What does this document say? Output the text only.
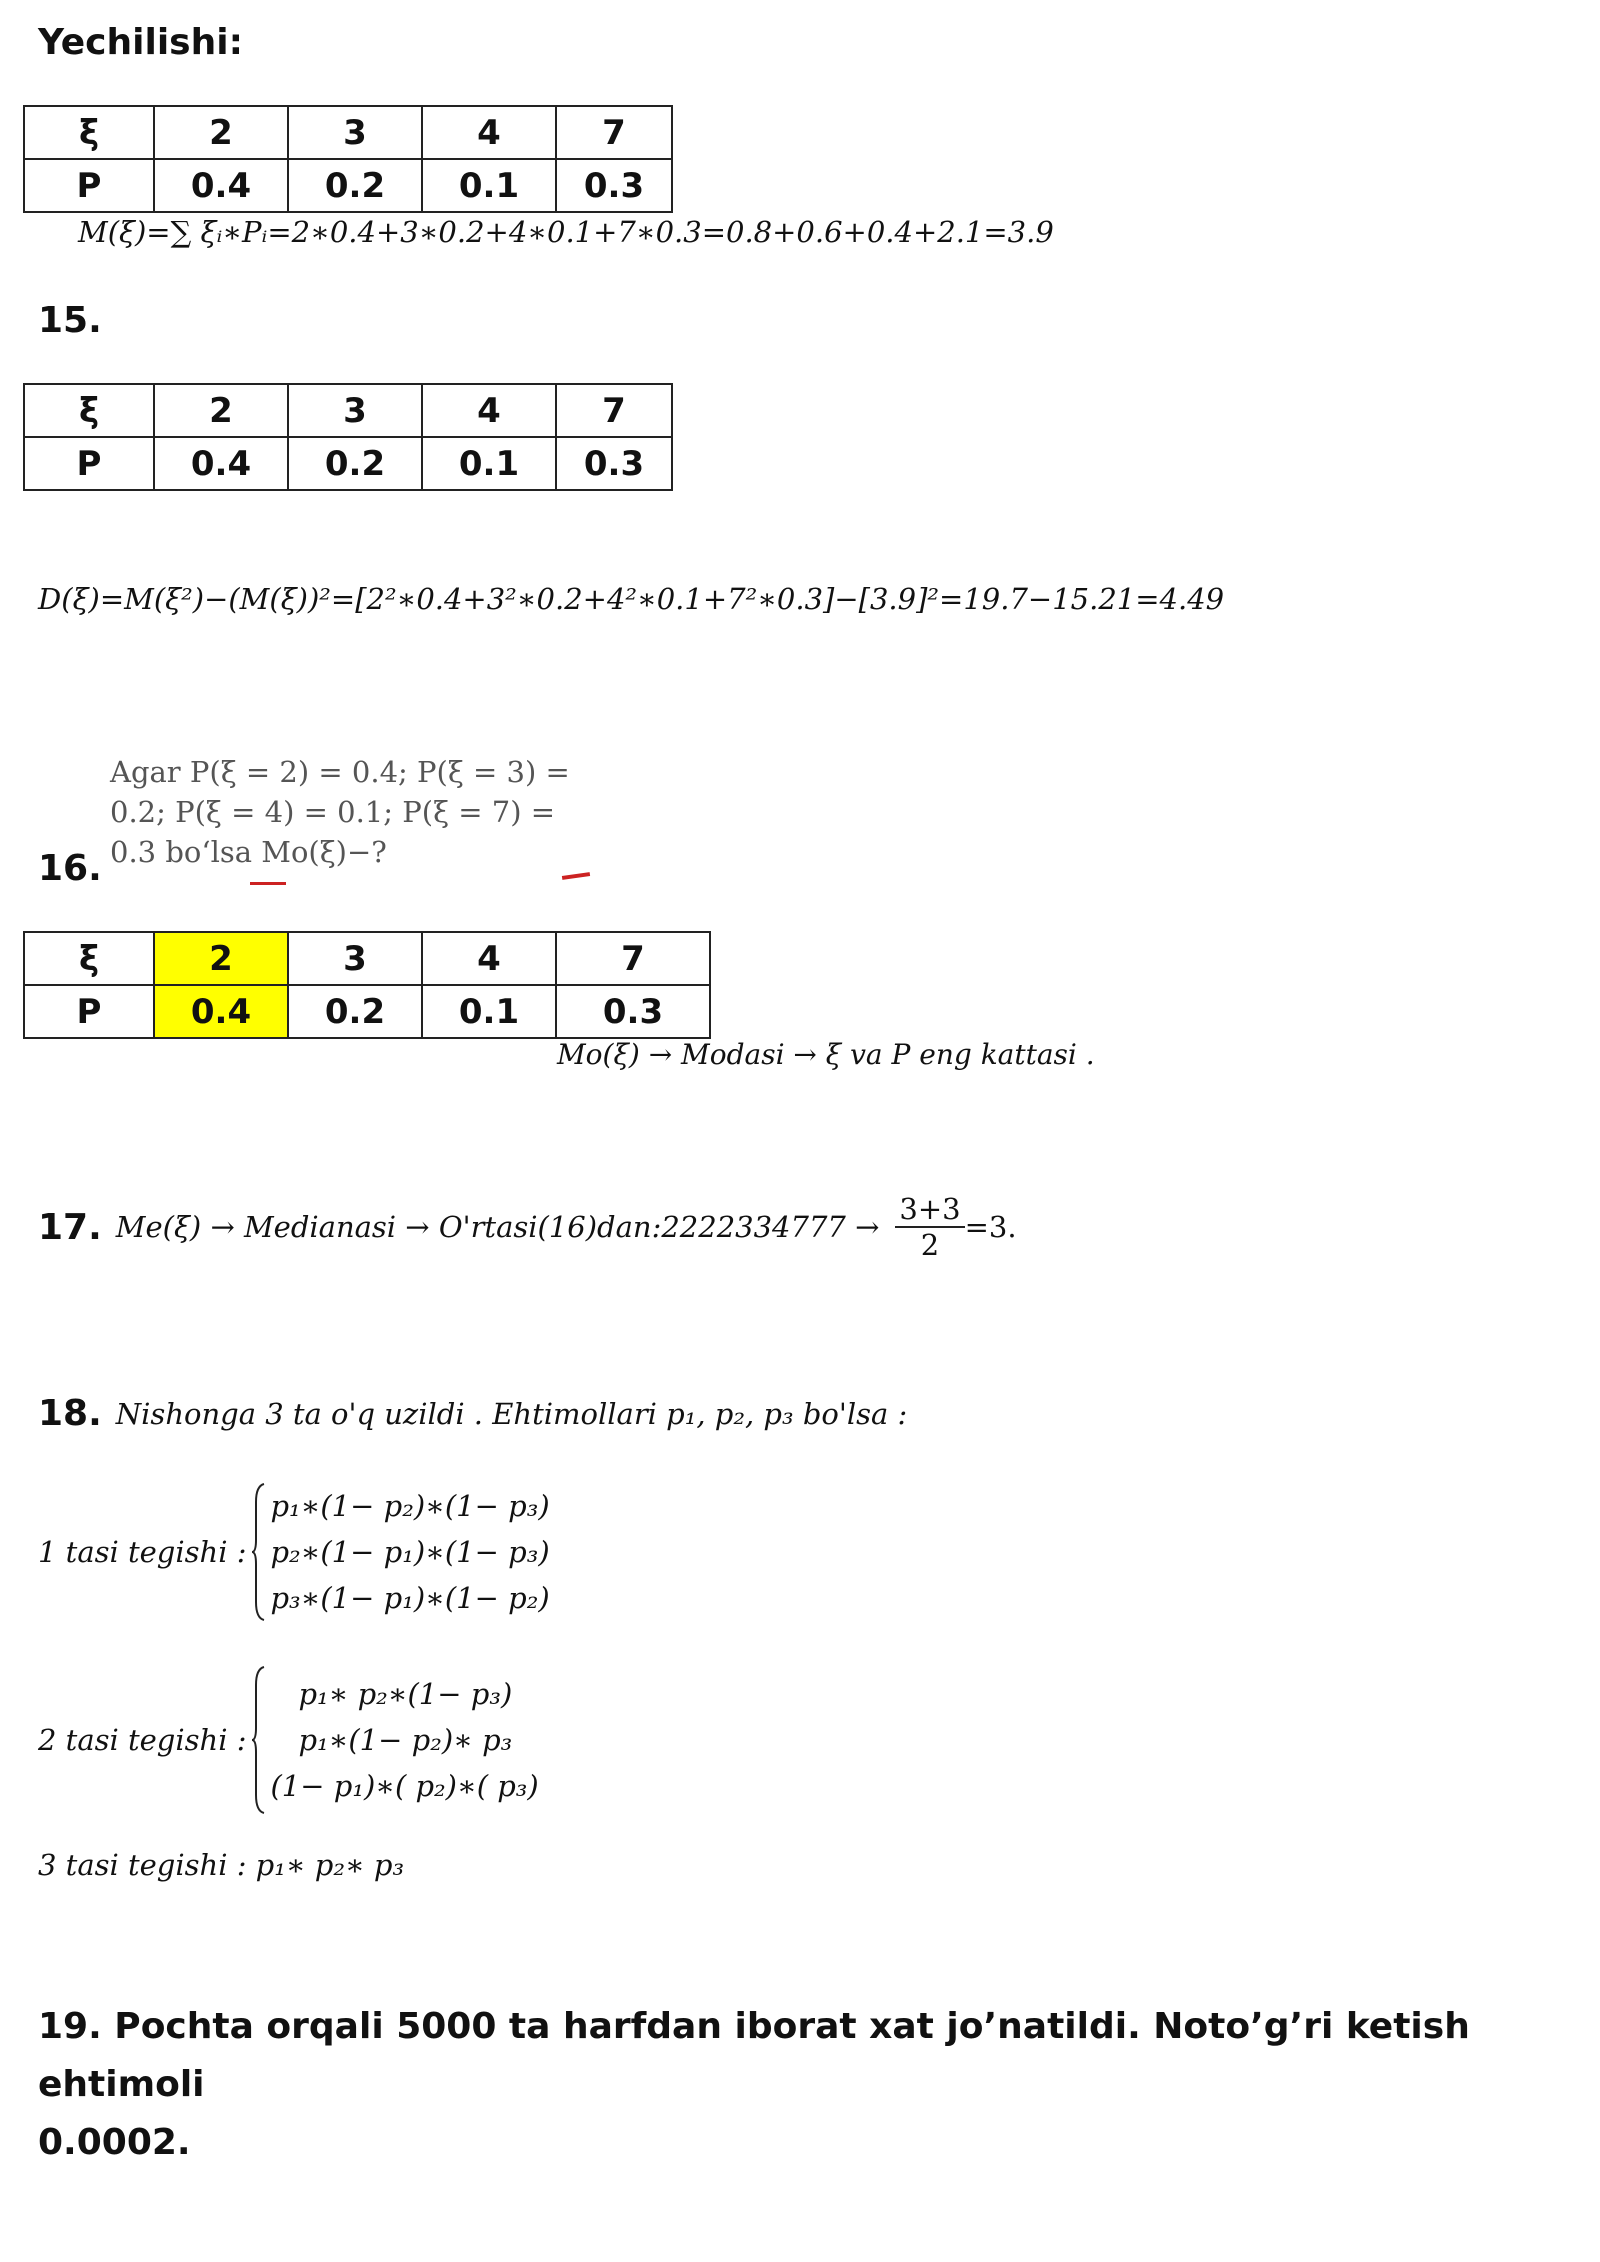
Yechilishi:
ξ	2	3	4	7
P	0.4	0.2	0.1	0.3
M(ξ)=∑ ξᵢ∗Pᵢ=2∗0.4+3∗0.2+4∗0.1+7∗0.3=0.8+0.6+0.4+2.1=3.9
15.
ξ	2	3	4	7
P	0.4	0.2	0.1	0.3
D(ξ)=M(ξ²)−(M(ξ))²=[2²∗0.4+3²∗0.2+4²∗0.1+7²∗0.3]−[3.9]²=19.7−15.21=4.49
Agar P(ξ = 2) = 0.4; P(ξ = 3) =
0.2; P(ξ = 4) = 0.1; P(ξ = 7) =
0.3 bo‘lsa Mo(ξ)−?
16.
ξ	2	3	4	7
P	0.4	0.2	0.1	0.3
Mo(ξ) → Modasi → ξ va P eng kattasi .
17. Me(ξ) → Medianasi → O'rtasi(16)dan:2222334777 → $\frac{3+3}{2} =3$.
18. Nishonga 3 ta o'q uzildi . Ehtimollari p₁, p₂, p₃ bo'lsa :
1 tasi tegishi :
p₁∗(1− p₂)∗(1− p₃)
p₂∗(1− p₁)∗(1− p₃)
p₃∗(1− p₁)∗(1− p₂)
2 tasi tegishi :
p₁∗ p₂∗(1− p₃)
p₁∗(1− p₂)∗ p₃
(1− p₁)∗( p₂)∗( p₃)
3 tasi tegishi : p₁∗ p₂∗ p₃
19. Pochta orqali 5000 ta harfdan iborat xat jo’natildi. Noto’g’ri ketish ehtimoli
0.0002.
